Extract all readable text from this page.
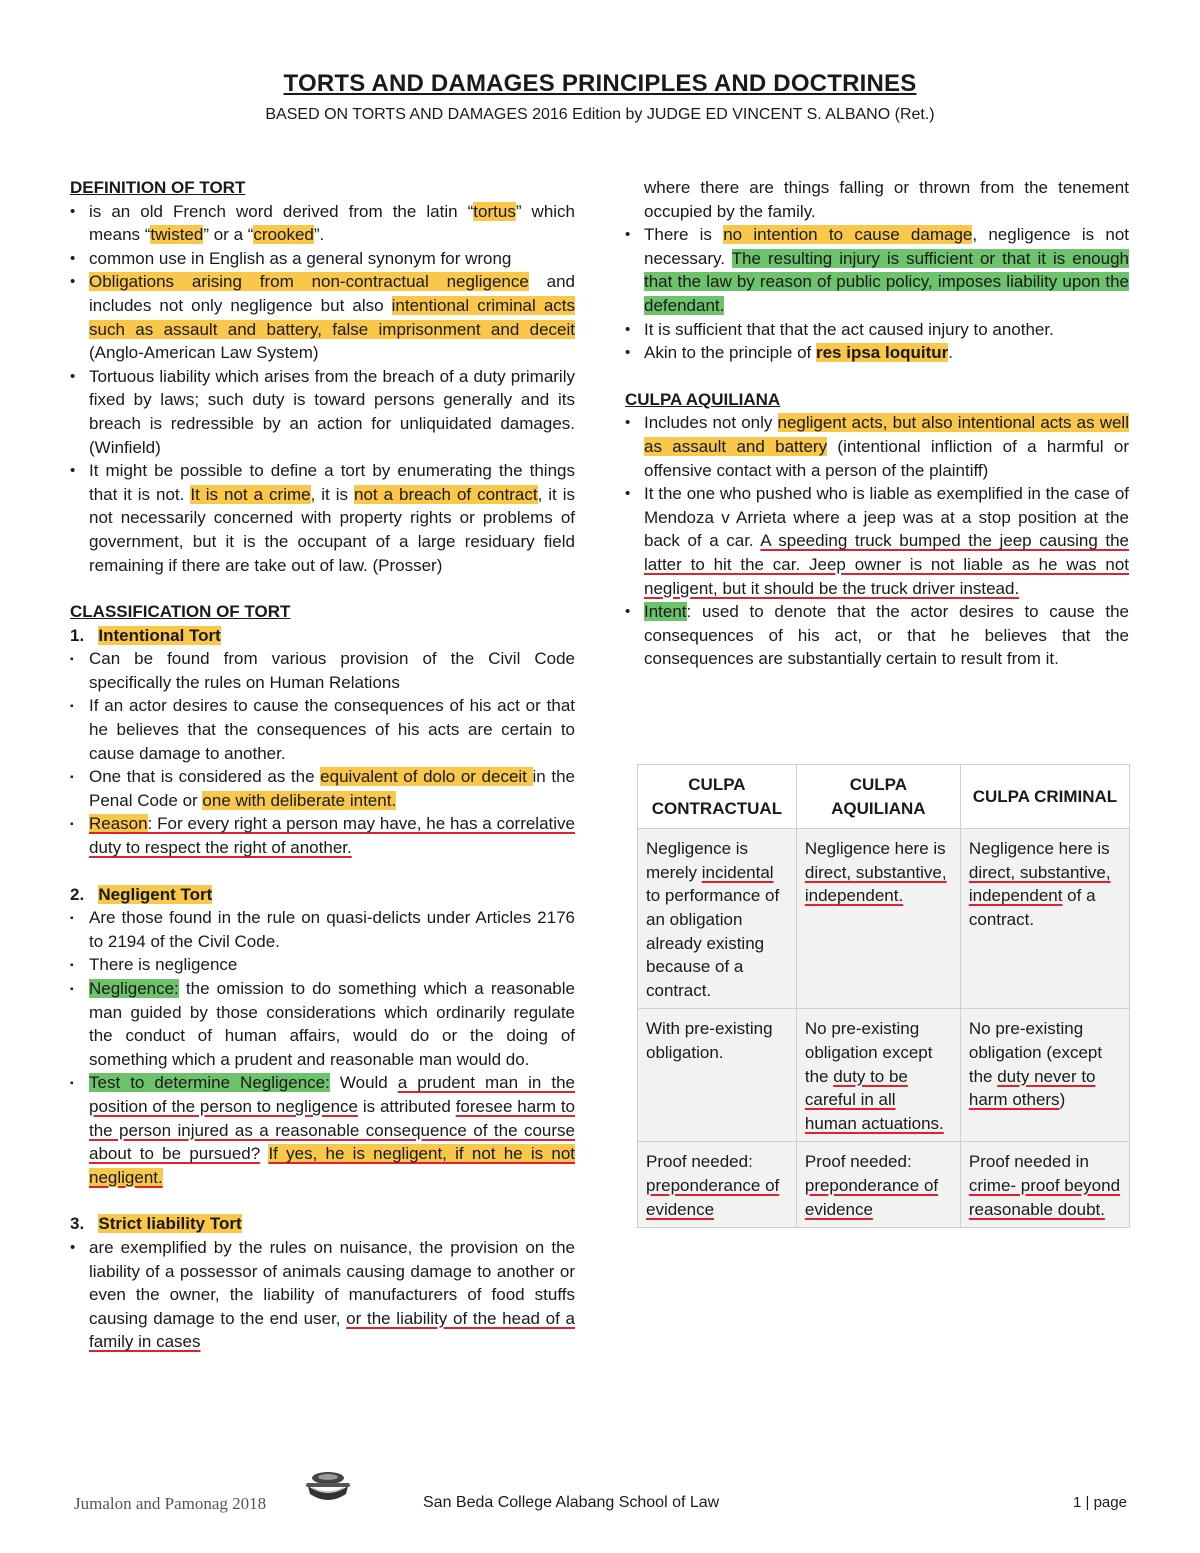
TORTS AND DAMAGES PRINCIPLES AND DOCTRINES
BASED ON TORTS AND DAMAGES 2016 Edition by JUDGE ED VINCENT S. ALBANO (Ret.)

DEFINITION OF TORT

• is an old French word derived from the latin “tortus” which means “twisted” or a “crooked”.
• common use in English as a general synonym for wrong
• Obligations arising from non-contractual negligence and includes not only negligence but also intentional criminal acts such as assault and battery, false imprisonment and deceit (Anglo-American Law System)
• Tortuous liability which arises from the breach of a duty primarily fixed by laws; such duty is toward persons generally and its breach is redressible by an action for unliquidated damages. (Winfield)
• It might be possible to define a tort by enumerating the things that it is not. It is not a crime, it is not a breach of contract, it is not necessarily concerned with property rights or problems of government, but it is the occupant of a large residuary field remaining if there are take out of law. (Prosser)

CLASSIFICATION OF TORT

1. Intentional Tort

▪ Can be found from various provision of the Civil Code specifically the rules on Human Relations
▪ If an actor desires to cause the consequences of his act or that he believes that the consequences of his acts are certain to cause damage to another.
▪ One that is considered as the equivalent of dolo or deceit in the Penal Code or one with deliberate intent.
▪ Reason: For every right a person may have, he has a correlative duty to respect the right of another.

2. Negligent Tort

▪ Are those found in the rule on quasi-delicts under Articles 2176 to 2194 of the Civil Code.
▪ There is negligence
▪ Negligence: the omission to do something which a reasonable man guided by those considerations which ordinarily regulate the conduct of human affairs, would do or the doing of something which a prudent and reasonable man would do.
▪ Test to determine Negligence: Would a prudent man in the position of the person to negligence is attributed foresee harm to the person injured as a reasonable consequence of the course about to be pursued? If yes, he is negligent, if not he is not negligent.

3. Strict liability Tort

• are exemplified by the rules on nuisance, the provision on the liability of a possessor of animals causing damage to another or even the owner, the liability of manufacturers of food stuffs causing damage to the end user, or the liability of the head of a family in cases

where there are things falling or thrown from the tenement occupied by the family.

• There is no intention to cause damage, negligence is not necessary. The resulting injury is sufficient or that it is enough that the law by reason of public policy, imposes liability upon the defendant.
• It is sufficient that that the act caused injury to another.
• Akin to the principle of res ipsa loquitur.

CULPA AQUILIANA

• Includes not only negligent acts, but also intentional acts as well as assault and battery (intentional infliction of a harmful or offensive contact with a person of the plaintiff)
• It the one who pushed who is liable as exemplified in the case of Mendoza v Arrieta where a jeep was at a stop position at the back of a car. A speeding truck bumped the jeep causing the latter to hit the car. Jeep owner is not liable as he was not negligent, but it should be the truck driver instead.
• Intent: used to denote that the actor desires to cause the consequences of his act, or that he believes that the consequences are substantially certain to result from it.
CULPA CONTRACTUAL	CULPA AQUILIANA	CULPA CRIMINAL
Negligence is merely incidental to performance of an obligation already existing because of a contract.	Negligence here is direct, substantive, independent.	Negligence here is direct, substantive, independent of a contract.
With pre-existing obligation.	No pre-existing obligation except the duty to be careful in all human actuations.	No pre-existing obligation (except the duty never to harm others)
Proof needed: preponderance of evidence	Proof needed: preponderance of evidence	Proof needed in crime- proof beyond reasonable doubt.
Jumalon and Pamonag 2018	San Beda College Alabang School of Law	1 | page
